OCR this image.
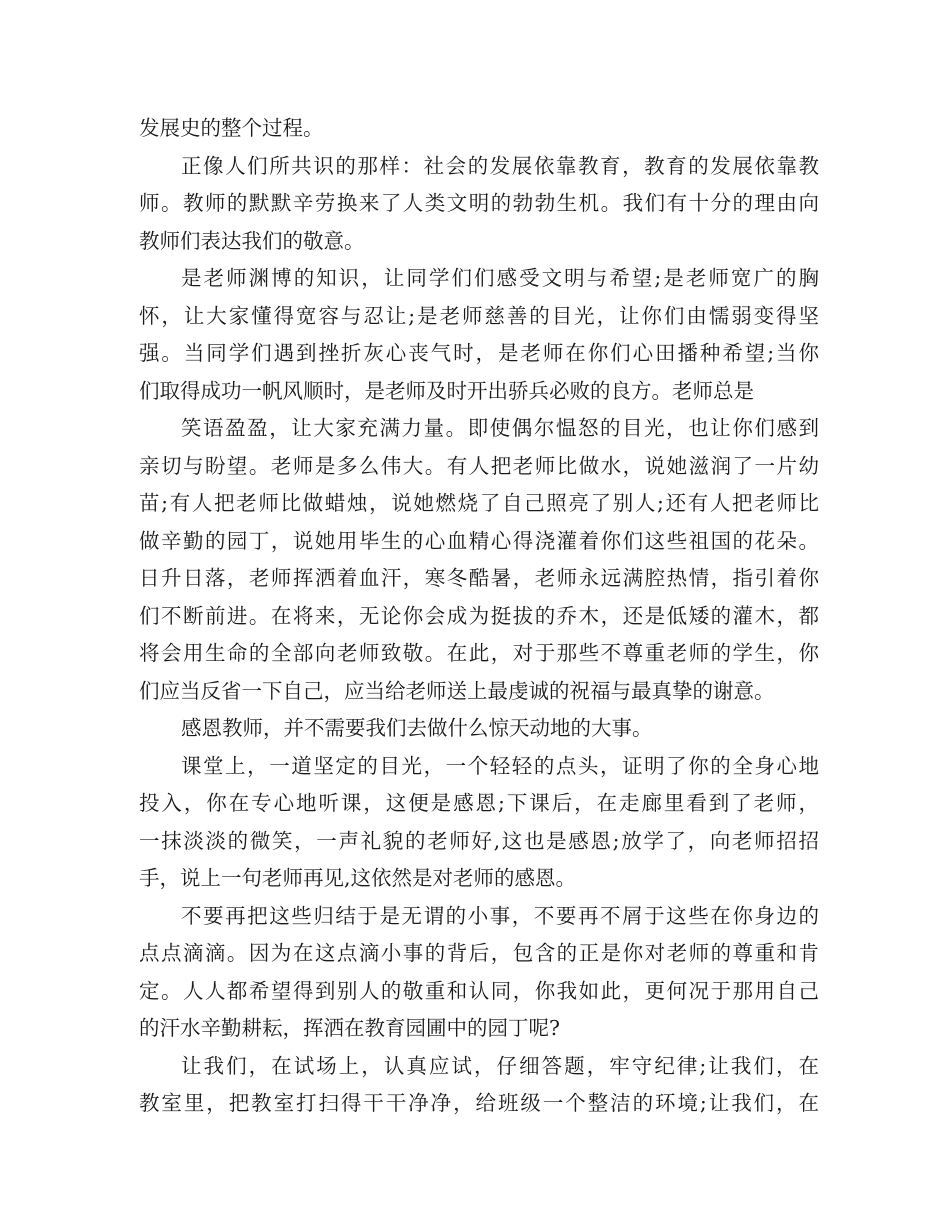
发展史的整个过程。
正像人们所共识的那样：社会的发展依靠教育，教育的发展依靠教
师。教师的默默辛劳换来了人类文明的勃勃生机。我们有十分的理由向
教师们表达我们的敬意。
是老师渊博的知识，让同学们们感受文明与希望;是老师宽广的胸
怀，让大家懂得宽容与忍让;是老师慈善的目光，让你们由懦弱变得坚
强。当同学们遇到挫折灰心丧气时，是老师在你们心田播种希望;当你
们取得成功一帆风顺时，是老师及时开出骄兵必败的良方。老师总是
笑语盈盈，让大家充满力量。即使偶尔愠怒的目光，也让你们感到
亲切与盼望。老师是多么伟大。有人把老师比做水，说她滋润了一片幼
苗;有人把老师比做蜡烛，说她燃烧了自己照亮了别人;还有人把老师比
做辛勤的园丁，说她用毕生的心血精心得浇灌着你们这些祖国的花朵。
日升日落，老师挥洒着血汗，寒冬酷暑，老师永远满腔热情，指引着你
们不断前进。在将来，无论你会成为挺拔的乔木，还是低矮的灌木，都
将会用生命的全部向老师致敬。在此，对于那些不尊重老师的学生，你
们应当反省一下自己，应当给老师送上最虔诚的祝福与最真挚的谢意。
感恩教师，并不需要我们去做什么惊天动地的大事。
课堂上，一道坚定的目光，一个轻轻的点头，证明了你的全身心地
投入，你在专心地听课，这便是感恩;下课后，在走廊里看到了老师，
一抹淡淡的微笑，一声礼貌的老师好,这也是感恩;放学了，向老师招招
手，说上一句老师再见,这依然是对老师的感恩。
不要再把这些归结于是无谓的小事，不要再不屑于这些在你身边的
点点滴滴。因为在这点滴小事的背后，包含的正是你对老师的尊重和肯
定。人人都希望得到别人的敬重和认同，你我如此，更何况于那用自己
的汗水辛勤耕耘，挥洒在教育园圃中的园丁呢?
让我们，在试场上，认真应试，仔细答题，牢守纪律;让我们，在
教室里，把教室打扫得干干净净，给班级一个整洁的环境;让我们，在
